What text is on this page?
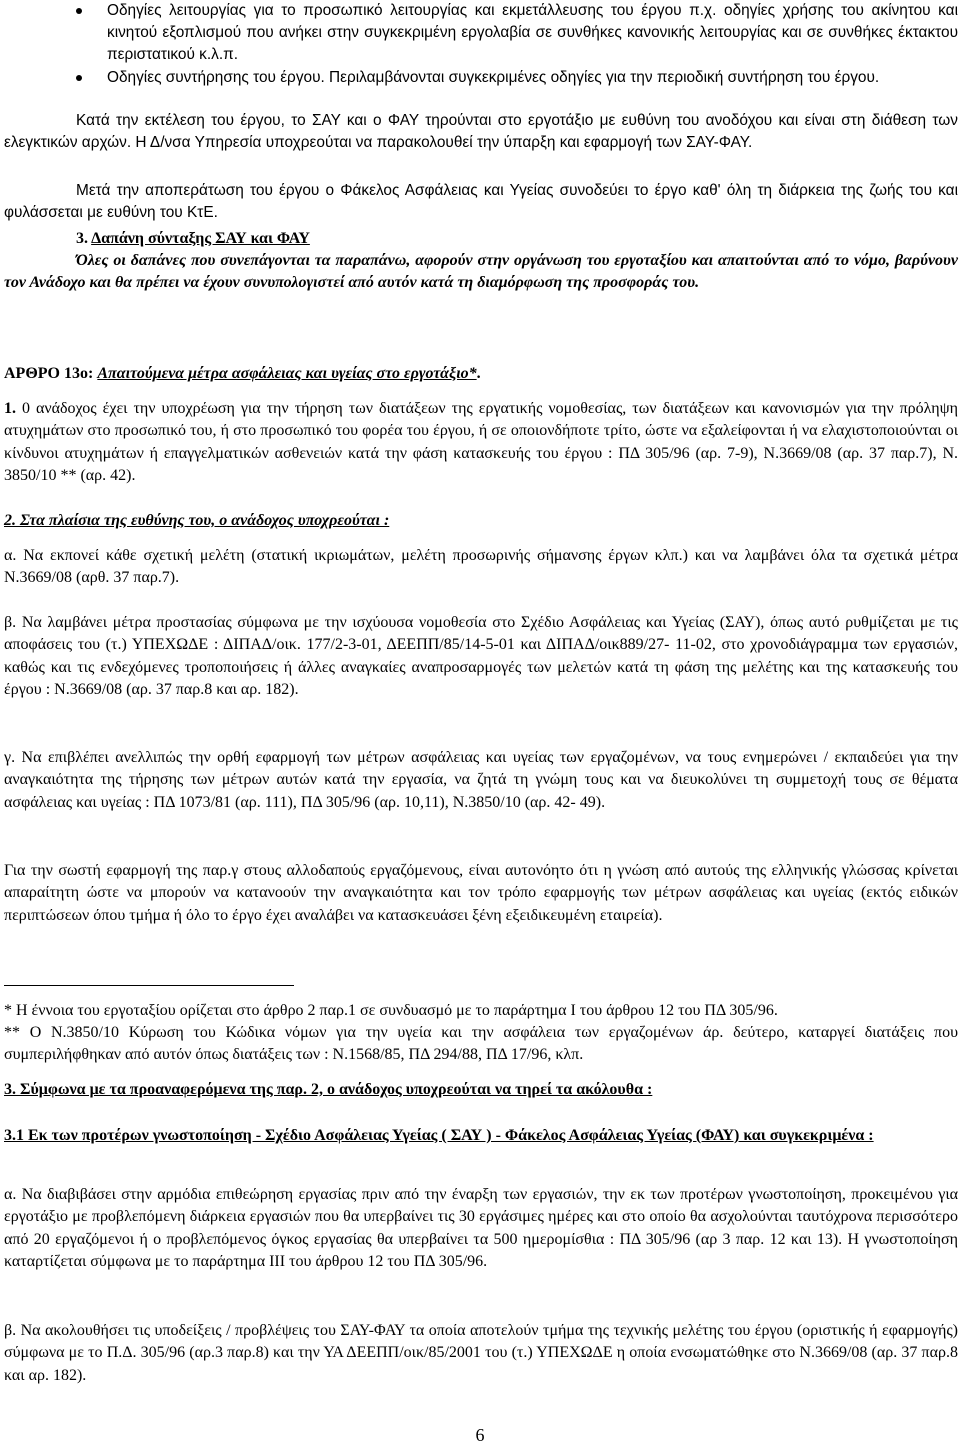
Οδηγίες λειτουργίας για το προσωπικό λειτουργίας και εκμετάλλευσης του έργου π.χ. οδηγίες χρήσης του ακίνητου και κινητού εξοπλισμού που ανήκει στην συγκεκριμένη εργολαβία σε συνθήκες κανονικής λειτουργίας και σε συνθήκες έκτακτου περιστατικού κ.λ.π.
Οδηγίες συντήρησης του έργου. Περιλαμβάνονται συγκεκριμένες οδηγίες για την περιοδική συντήρηση του έργου.

Κατά την εκτέλεση του έργου, το ΣΑΥ και ο ΦΑΥ τηρούνται στο εργοτάξιο με ευθύνη του ανοδόχου και είναι στη διάθεση των ελεγκτικών αρχών. Η Δ/νσα Υπηρεσία υποχρεούται να παρακολουθεί την ύπαρξη και εφαρμογή των ΣΑΥ-ΦΑΥ.

Μετά την αποπεράτωση του έργου ο Φάκελος Ασφάλειας και Υγείας συνοδεύει το έργο καθ' όλη τη διάρκεια της ζωής του και φυλάσσεται με ευθύνη του ΚτΕ.

3. Δαπάνη σύνταξης ΣΑΥ και ΦΑΥ

Όλες οι δαπάνες που συνεπάγονται τα παραπάνω, αφορούν στην οργάνωση του εργοταξίου και απαιτούνται από το νόμο, βαρύνουν τον Ανάδοχο και θα πρέπει να έχουν συνυπολογιστεί από αυτόν κατά τη διαμόρφωση της προσφοράς του.

ΑΡΘΡΟ 13ο: Απαιτούμενα μέτρα ασφάλειας και υγείας στο εργοτάξιο*.

1. 0 ανάδοχος έχει την υποχρέωση για την τήρηση των διατάξεων της εργατικής νομοθεσίας, των διατάξεων και κανονισμών για την πρόληψη ατυχημάτων στο προσωπικό του, ή στο προσωπικό του φορέα του έργου, ή σε οποιονδήποτε τρίτο, ώστε να εξαλείφονται ή να ελαχιστοποιούνται οι κίνδυνοι ατυχημάτων ή επαγγελματικών ασθενειών κατά την φάση κατασκευής του έργου : ΠΔ 305/96 (αρ. 7-9), Ν.3669/08 (αρ. 37 παρ.7), Ν. 3850/10 ** (αρ. 42).

2. Στα πλαίσια της ευθύνης του, ο ανάδοχος υποχρεούται :

α. Να εκπονεί κάθε σχετική μελέτη (στατική ικριωμάτων, μελέτη προσωρινής σήμανσης έργων κλπ.) και να λαμβάνει όλα τα σχετικά μέτρα Ν.3669/08 (αρθ. 37 παρ.7).

β. Να λαμβάνει μέτρα προστασίας σύμφωνα με την ισχύουσα νομοθεσία στο Σχέδιο Ασφάλειας και Υγείας (ΣΑΥ), όπως αυτό ρυθμίζεται με τις αποφάσεις του (τ.) ΥΠΕΧΩΔΕ : ΔΙΠΑΔ/οικ. 177/2-3-01, ΔΕΕΠΠ/85/14-5-01 και ΔΙΠΑΔ/οικ889/27- 11-02, στο χρονοδιάγραμμα των εργασιών, καθώς και τις ενδεχόμενες τροποποιήσεις ή άλλες αναγκαίες αναπροσαρμογές των μελετών κατά τη φάση της μελέτης και της κατασκευής του έργου : Ν.3669/08 (αρ. 37 παρ.8 και αρ. 182).

γ. Να επιβλέπει ανελλιπώς την ορθή εφαρμογή των μέτρων ασφάλειας και υγείας των εργαζομένων, να τους ενημερώνει / εκπαιδεύει για την αναγκαιότητα της τήρησης των μέτρων αυτών κατά την εργασία, να ζητά τη γνώμη τους και να διευκολύνει τη συμμετοχή τους σε θέματα ασφάλειας και υγείας : ΠΔ 1073/81 (αρ. 111), ΠΔ 305/96 (αρ. 10,11), Ν.3850/10 (αρ. 42- 49).

Για την σωστή εφαρμογή της παρ.γ στους αλλοδαπούς εργαζόμενους, είναι αυτονόητο ότι η γνώση από αυτούς της ελληνικής γλώσσας κρίνεται απαραίτητη ώστε να μπορούν να κατανοούν την αναγκαιότητα και τον τρόπο εφαρμογής των μέτρων ασφάλειας και υγείας (εκτός ειδικών περιπτώσεων όπου τμήμα ή όλο το έργο έχει αναλάβει να κατασκευάσει ξένη εξειδικευμένη εταιρεία).

* Η έννοια του εργοταξίου ορίζεται στο άρθρο 2 παρ.1 σε συνδυασμό με το παράρτημα Ι του άρθρου 12 του ΠΔ 305/96.

** Ο Ν.3850/10 Κύρωση του Κώδικα νόμων για την υγεία και την ασφάλεια των εργαζομένων άρ. δεύτερο, καταργεί διατάξεις που συμπεριλήφθηκαν από αυτόν όπως διατάξεις των : Ν.1568/85, ΠΔ 294/88, ΠΔ 17/96, κλπ.

3. Σύμφωνα με τα προαναφερόμενα της παρ. 2, ο ανάδοχος υποχρεούται να τηρεί τα ακόλουθα :

3.1 Εκ των προτέρων γνωστοποίηση - Σχέδιο Ασφάλειας Υγείας ( ΣΑΥ ) - Φάκελος Ασφάλειας Υγείας (ΦΑΥ) και συγκεκριμένα :

α. Να διαβιβάσει στην αρμόδια επιθεώρηση εργασίας πριν από την έναρξη των εργασιών, την εκ των προτέρων γνωστοποίηση, προκειμένου για εργοτάξιο με προβλεπόμενη διάρκεια εργασιών που θα υπερβαίνει τις 30 εργάσιμες ημέρες και στο οποίο θα ασχολούνται ταυτόχρονα περισσότερο από 20 εργαζόμενοι ή ο προβλεπόμενος όγκος εργασίας θα υπερβαίνει τα 500 ημερομίσθια : ΠΔ 305/96 (αρ 3 παρ. 12 και 13). Η γνωστοποίηση καταρτίζεται σύμφωνα με το παράρτημα ΙΙΙ του άρθρου 12 του ΠΔ 305/96.

β. Να ακολουθήσει τις υποδείξεις / προβλέψεις του ΣΑΥ-ΦΑΥ τα οποία αποτελούν τμήμα της τεχνικής μελέτης του έργου (οριστικής ή εφαρμογής) σύμφωνα με το Π.Δ. 305/96 (αρ.3 παρ.8) και την ΥΑ ΔΕΕΠΠ/οικ/85/2001 του (τ.) ΥΠΕΧΩΔΕ η οποία ενσωματώθηκε στο Ν.3669/08 (αρ. 37 παρ.8 και αρ. 182).

6
